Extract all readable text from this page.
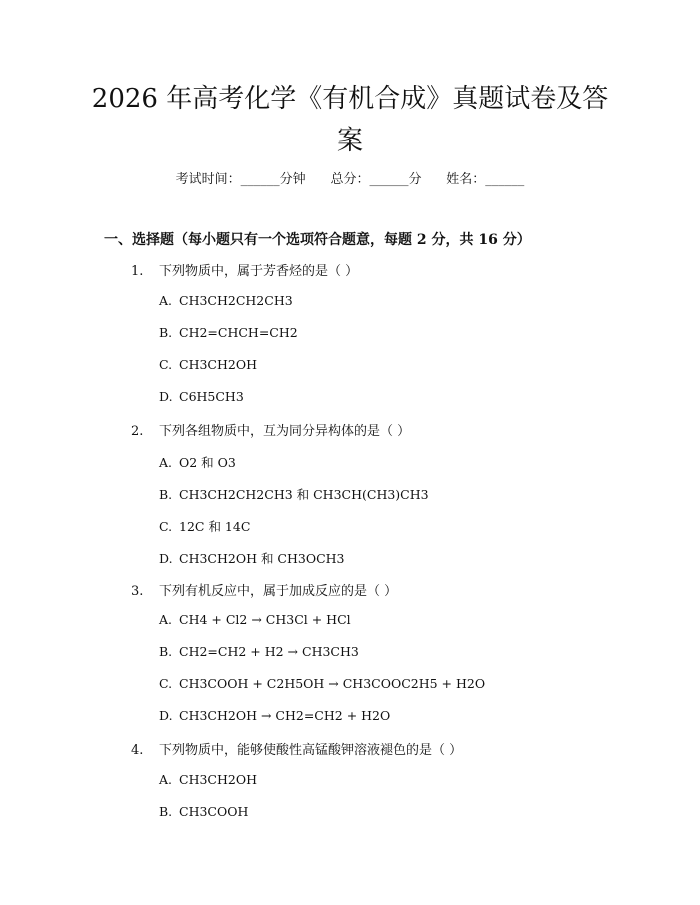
2026 年高考化学《有机合成》真题试卷及答
案
考试时间：______分钟 总分：______分 姓名：______
一、选择题（每小题只有一个选项符合题意，每题 2 分，共 16 分）
1. 下列物质中，属于芳香烃的是（ ）
A. CH3CH2CH2CH3
B. CH2=CHCH=CH2
C. CH3CH2OH
D. C6H5CH3
2. 下列各组物质中，互为同分异构体的是（ ）
A. O2 和 O3
B. CH3CH2CH2CH3 和 CH3CH(CH3)CH3
C. 12C 和 14C
D. CH3CH2OH 和 CH3OCH3
3. 下列有机反应中，属于加成反应的是（ ）
A. CH4 + Cl2 → CH3Cl + HCl
B. CH2=CH2 + H2 → CH3CH3
C. CH3COOH + C2H5OH → CH3COOC2H5 + H2O
D. CH3CH2OH → CH2=CH2 + H2O
4. 下列物质中，能够使酸性高锰酸钾溶液褪色的是（ ）
A. CH3CH2OH
B. CH3COOH
